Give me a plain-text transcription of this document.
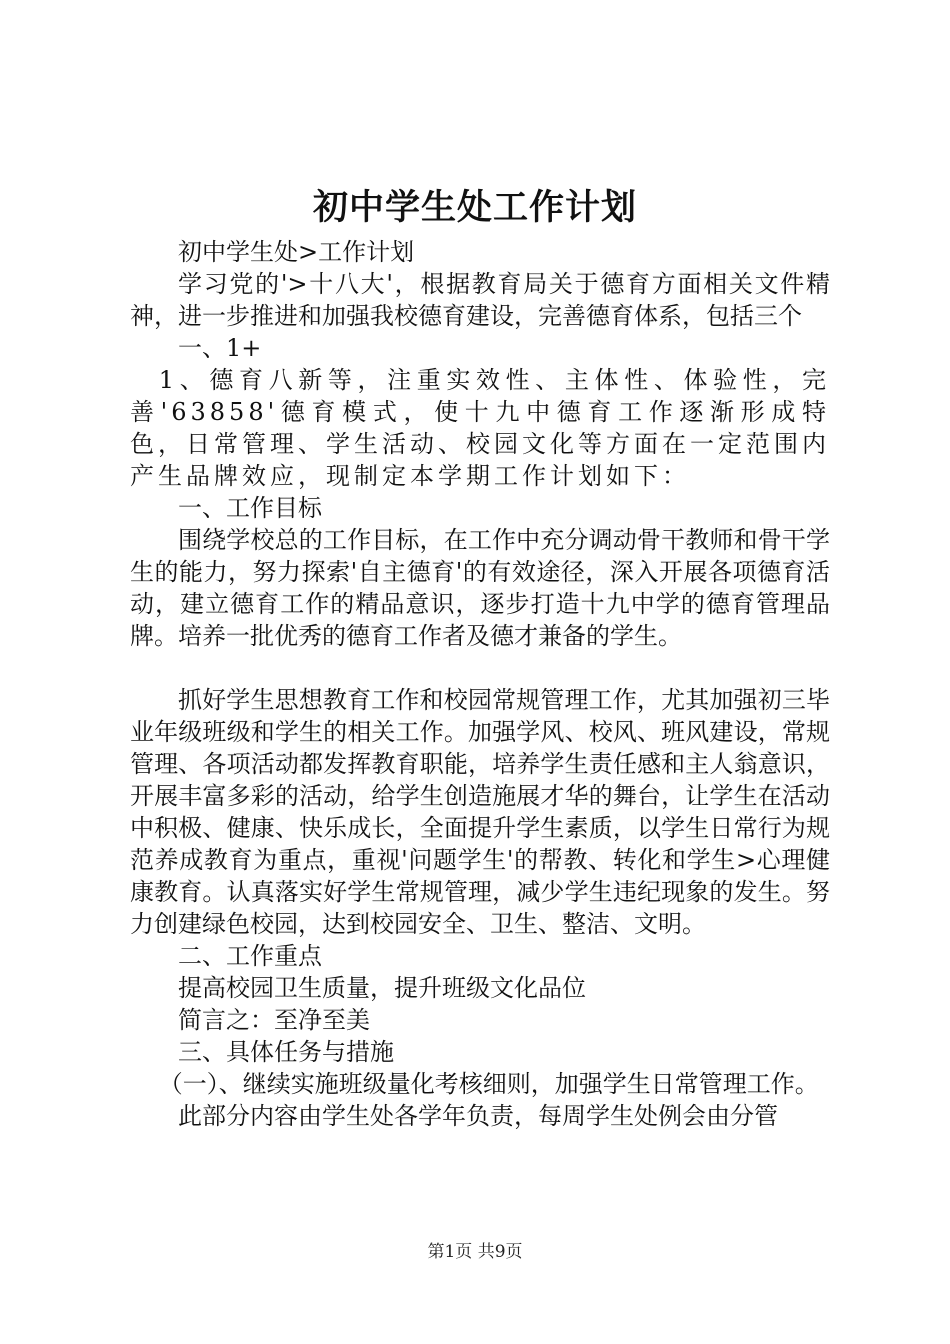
初中学生处工作计划

初中学生处>工作计划

学习党的'>十八大'，根据教育局关于德育方面相关文件精神，进一步推进和加强我校德育建设，完善德育体系，包括三个

一、1+

1、德育八新等，注重实效性、主体性、体验性，完善'63858'德育模式，使十九中德育工作逐渐形成特色，日常管理、学生活动、校园文化等方面在一定范围内产生品牌效应，现制定本学期工作计划如下：

一、工作目标

围绕学校总的工作目标，在工作中充分调动骨干教师和骨干学生的能力，努力探索'自主德育'的有效途径，深入开展各项德育活动，建立德育工作的精品意识，逐步打造十九中学的德育管理品牌。培养一批优秀的德育工作者及德才兼备的学生。

抓好学生思想教育工作和校园常规管理工作，尤其加强初三毕业年级班级和学生的相关工作。加强学风、校风、班风建设，常规管理、各项活动都发挥教育职能，培养学生责任感和主人翁意识，开展丰富多彩的活动，给学生创造施展才华的舞台，让学生在活动中积极、健康、快乐成长，全面提升学生素质，以学生日常行为规范养成教育为重点，重视'问题学生'的帮教、转化和学生>心理健康教育。认真落实好学生常规管理，减少学生违纪现象的发生。努力创建绿色校园，达到校园安全、卫生、整洁、文明。

二、工作重点

提高校园卫生质量，提升班级文化品位

简言之：至净至美

三、具体任务与措施

（一）、继续实施班级量化考核细则，加强学生日常管理工作。

此部分内容由学生处各学年负责，每周学生处例会由分管

第1页 共9页
